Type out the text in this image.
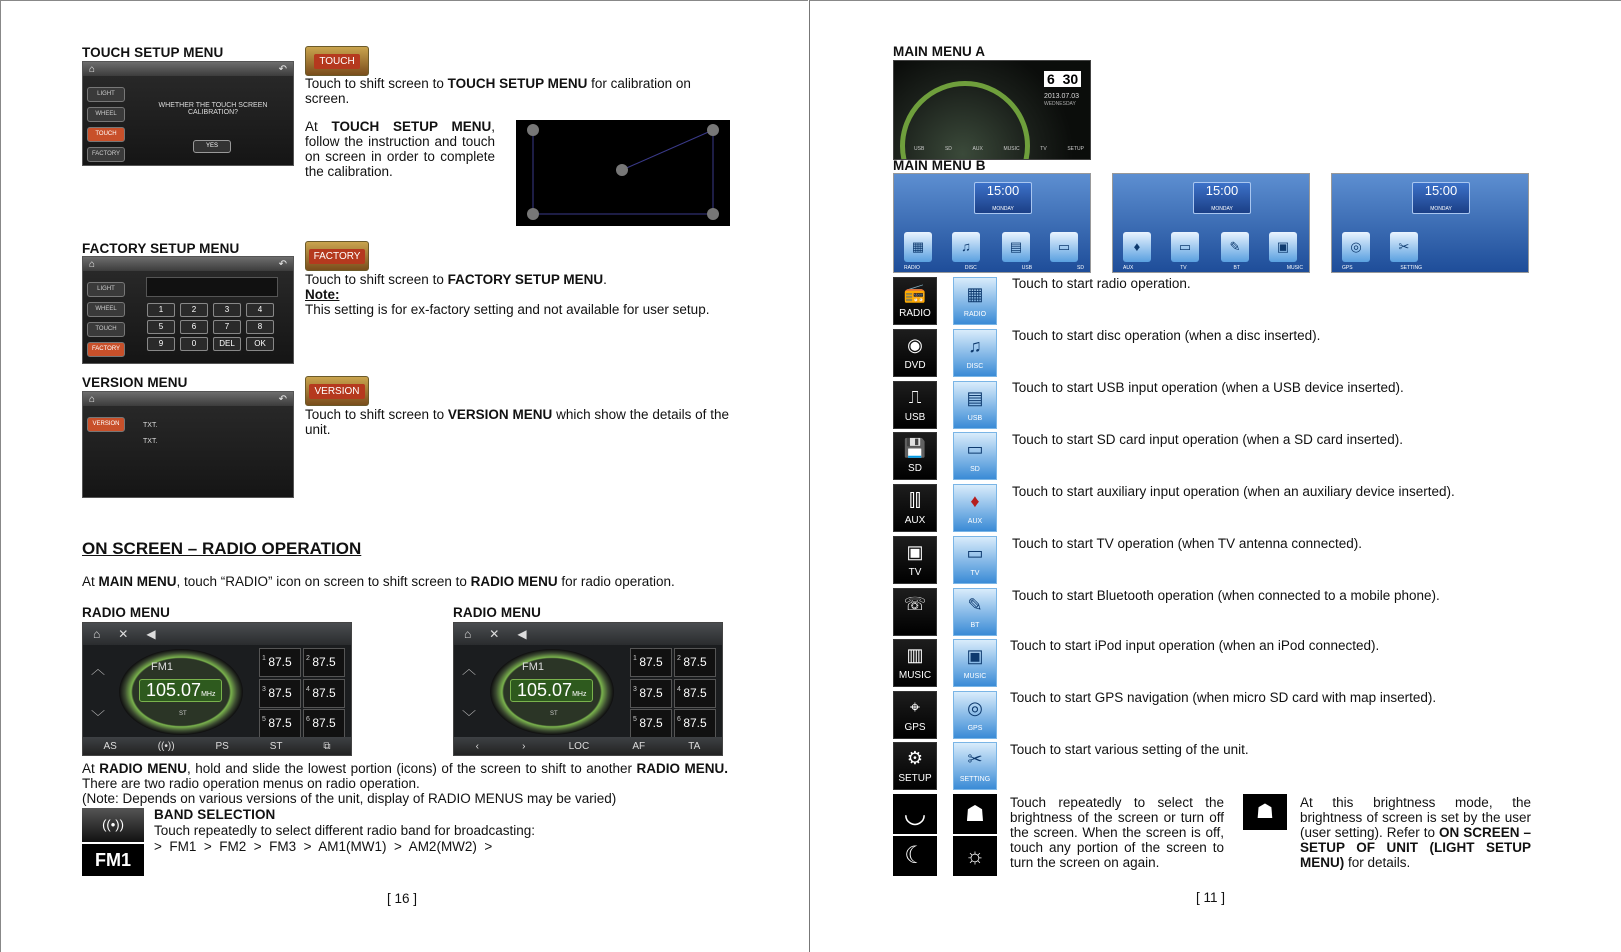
TOUCH SETUP MENU
⌂	↶
LIGHT
WHEEL
TOUCH
FACTORY
WHETHER THE TOUCH SCREEN CALIBRATION?
YES
TOUCH
Touch to shift screen to TOUCH SETUP MENU for calibration on screen.
At TOUCH SETUP MENU, follow the instruction and touch on screen in order to complete the calibration.
FACTORY SETUP MENU
⌂	↶
LIGHT
WHEEL
TOUCH
FACTORY
1	2	3	4
5	6	7	8
9	0	DEL	OK
FACTORY
Touch to shift screen to FACTORY SETUP MENU.
Note:
This setting is for ex-factory setting and not available for user setup.
VERSION MENU
⌂	↶
VERSION	TXT.
TXT.
VERSION
Touch to shift screen to VERSION MENU which show the details of the unit.
ON SCREEN – RADIO OPERATION
At MAIN MENU, touch “RADIO” icon on screen to shift screen to RADIO MENU for radio operation.
RADIO MENU	RADIO MENU
⌂ ✕ ◀
︿
﹀
FM1
105.07MHz
ST
1 87.5	2 87.5
3 87.5	4 87.5
5 87.5	6 87.5
AS	((•))	PS	ST	⧉
⌂ ✕ ◀
︿
﹀
FM1
105.07MHz
ST
1 87.5	2 87.5
3 87.5	4 87.5
5 87.5	6 87.5
‹	›	LOC	AF	TA
At RADIO MENU, hold and slide the lowest portion (icons) of the screen to shift to another RADIO MENU. There are two radio operation menus on radio operation.
(Note: Depends on various versions of the unit, display of RADIO MENUS may be varied)
((•))
FM1
BAND SELECTION
Touch repeatedly to select different radio band for broadcasting:
>  FM1  >  FM2  >  FM3  >  AM1(MW1)  >  AM2(MW2)  >
[ 16 ]
MAIN MENU A
6  30
2013.07.03
WEDNESDAY
USB	SD	AUX	MUSIC	TV	SETUP
MAIN MENU B
15:00
MONDAY
▦	♫	▤	▭
RADIO	DISC	USB	SD
15:00
MONDAY
♦	▭	✎	▣
AUX	TV	BT	MUSIC
15:00
MONDAY
◎	✂
GPS	SETTING
📻
RADIO
▦
RADIO
Touch to start radio operation.
◉
DVD
♫
DISC
Touch to start disc operation (when a disc inserted).
⎍
USB
▤
USB
Touch to start USB input operation (when a USB device inserted).
💾
SD
▭
SD
Touch to start SD card input operation (when a SD card inserted).
⫿⫿
AUX
♦
AUX
Touch to start auxiliary input operation (when an auxiliary device inserted).
▣
TV
▭
TV
Touch to start TV operation (when TV antenna connected).
☏	✎
BT
Touch to start Bluetooth operation (when connected to a mobile phone).
▥
MUSIC
▣
MUSIC
Touch to start iPod input operation (when an iPod connected).
⌖
GPS
◎
GPS
Touch to start GPS navigation (when micro SD card with map inserted).
⚙
SETUP
✂
SETTING
Touch to start various setting of the unit.
◡	☗
☾	☼
Touch repeatedly to select the brightness of the screen or turn off the screen. When the screen is off, touch any portion of the screen to turn the screen on again.
☗	At this brightness mode, the brightness of screen is set by the user (user setting). Refer to ON SCREEN – SETUP OF UNIT (LIGHT SETUP MENU) for details.
[ 11 ]
